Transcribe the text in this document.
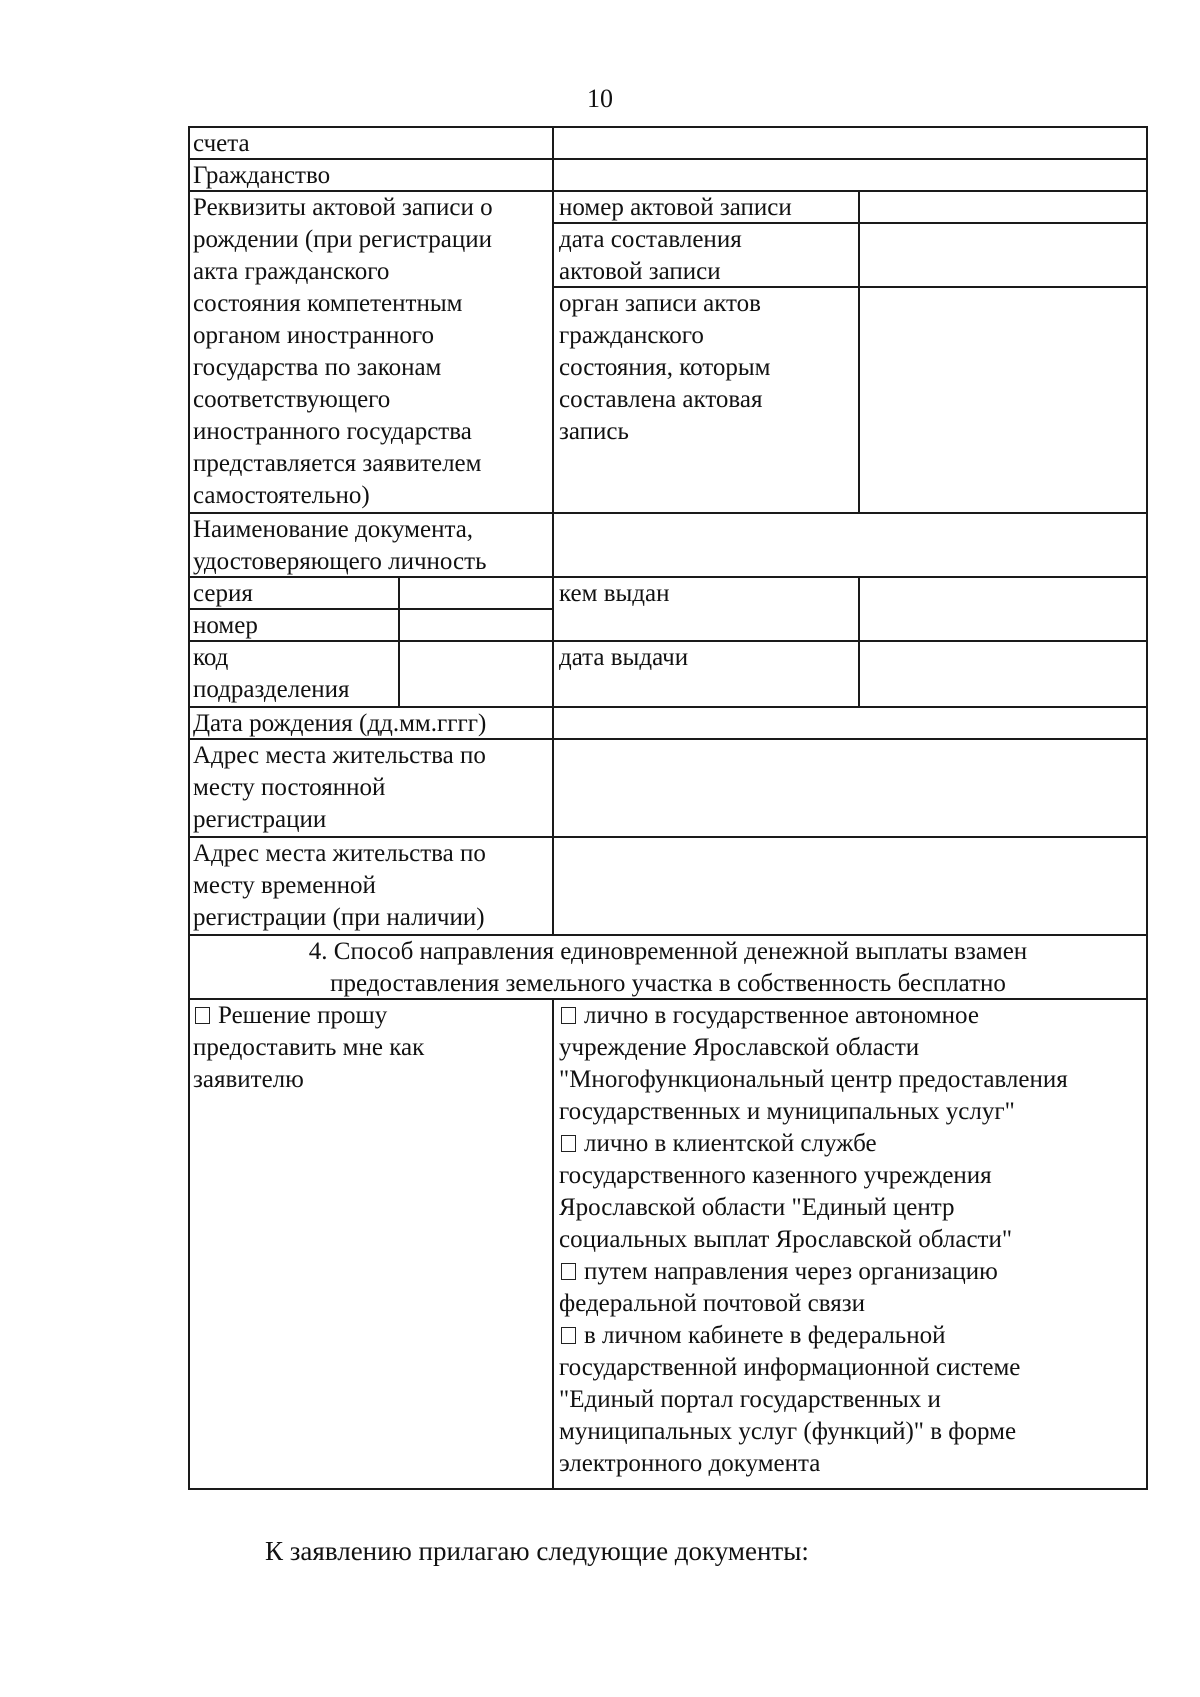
10
счета
Гражданство
Реквизиты актовой записи о
рождении (при регистрации
акта гражданского
состояния компетентным
органом иностранного
государства по законам
соответствующего
иностранного государства
представляется заявителем
самостоятельно)
номер актовой записи
дата составления
актовой записи
орган записи актов
гражданского
состояния, которым
составлена актовая
запись
Наименование документа,
удостоверяющего личность
серия
номер
кем выдан
код
подразделения
дата выдачи
Дата рождения (дд.мм.гггг)
Адрес места жительства по
месту постоянной
регистрации
Адрес места жительства по
месту временной
регистрации (при наличии)
4. Способ направления единовременной денежной выплаты взамен
предоставления земельного участка в собственность бесплатно
Решение прошу
предоставить мне как
заявителю
лично в государственное автономное
учреждение Ярославской области
"Многофункциональный центр предоставления
государственных и муниципальных услуг"
лично в клиентской службе
государственного казенного учреждения
Ярославской области "Единый центр
социальных выплат Ярославской области"
путем направления через организацию
федеральной почтовой связи
в личном кабинете в федеральной
государственной информационной системе
"Единый портал государственных и
муниципальных услуг (функций)" в форме
электронного документа
К заявлению прилагаю следующие документы:
